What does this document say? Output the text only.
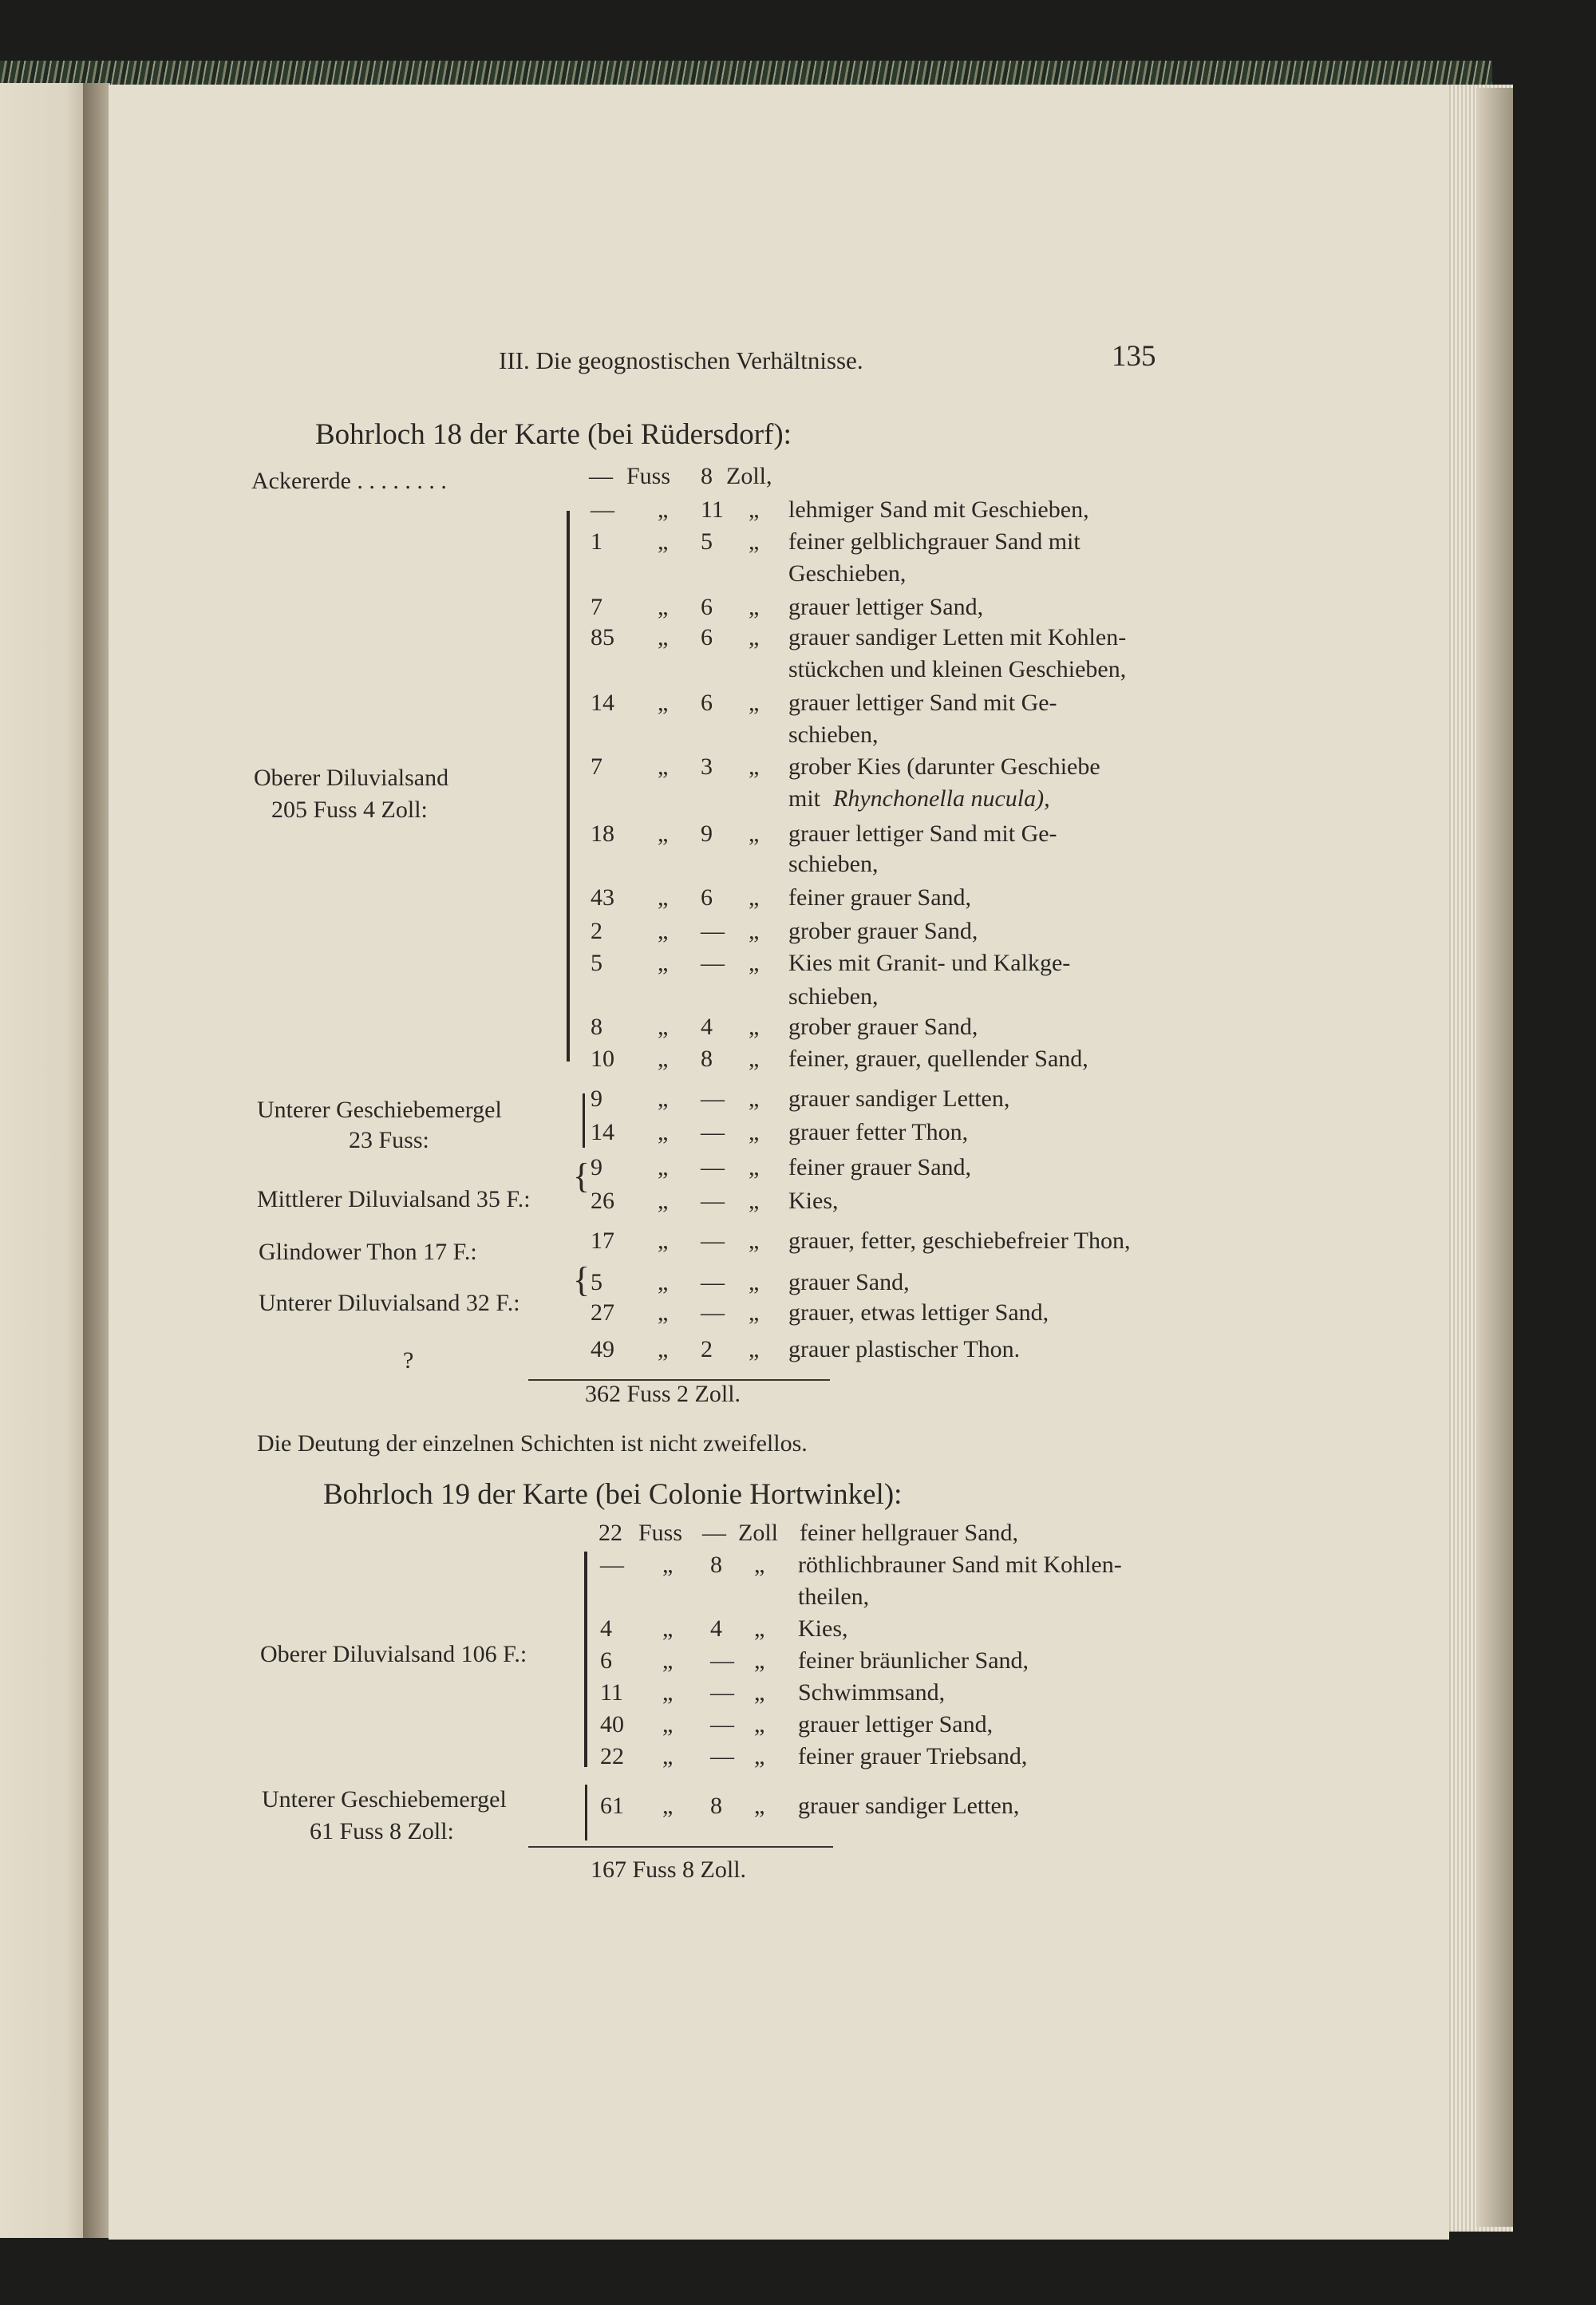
III. Die geognostischen Verhältnisse.	135
Bohrloch 18 der Karte (bei Rüdersdorf):
Ackererde . . . . . . . .	— Fuss 8 Zoll,
Oberer Diluvialsand
205 Fuss 4 Zoll:
Unterer Geschiebemergel
23 Fuss:
Mittlerer Diluvialsand 35 F.:
{
Glindower Thon 17 F.:
Unterer Diluvialsand 32 F.:
{
?
— „ 11 „ lehmiger Sand mit Geschieben,
1 „ 5 „ feiner gelblichgrauer Sand mit
Geschieben,
7 „ 6 „ grauer lettiger Sand,
85 „ 6 „ grauer sandiger Letten mit Kohlen-
stückchen und kleinen Geschieben,
14 „ 6 „ grauer lettiger Sand mit Ge-
schieben,
7 „ 3 „ grober Kies (darunter Geschiebe
mit Rhynchonella nucula),
18 „ 9 „ grauer lettiger Sand mit Ge-
schieben,
43 „ 6 „ feiner grauer Sand,
2 „ — „ grober grauer Sand,
5 „ — „ Kies mit Granit- und Kalkge-
schieben,
8 „ 4 „ grober grauer Sand,
10 „ 8 „ feiner, grauer, quellender Sand,
9 „ — „ grauer sandiger Letten,
14 „ — „ grauer fetter Thon,
9 „ — „ feiner grauer Sand,
26 „ — „ Kies,
17 „ — „ grauer, fetter, geschiebefreier Thon,
5 „ — „ grauer Sand,
27 „ — „ grauer, etwas lettiger Sand,
49 „ 2 „ grauer plastischer Thon.
362 Fuss 2 Zoll.
Die Deutung der einzelnen Schichten ist nicht zweifellos.
Bohrloch 19 der Karte (bei Colonie Hortwinkel):
22 Fuss — Zoll feiner hellgrauer Sand,
Oberer Diluvialsand 106 F.:
Unterer Geschiebemergel
61 Fuss 8 Zoll:
— „ 8 „ röthlichbrauner Sand mit Kohlen-
theilen,
4 „ 4 „ Kies,
6 „ — „ feiner bräunlicher Sand,
11 „ — „ Schwimmsand,
40 „ — „ grauer lettiger Sand,
22 „ — „ feiner grauer Triebsand,
61 „ 8 „ grauer sandiger Letten,
167 Fuss 8 Zoll.
